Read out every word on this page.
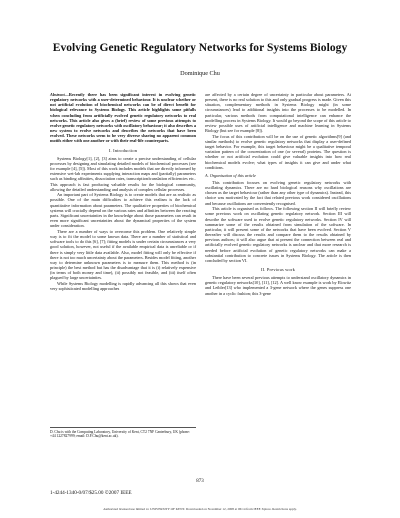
Evolving Genetic Regulatory Networks for Systems Biology
Dominique Chu

Abstract—Recently there has been significant interest in evolving genetic regulatory networks with a user-determined behaviour. It is unclear whether or not artificial evolution of biochemical networks can be of direct benefit for biological relevance to Systems Biology. This article highlights some pitfalls when concluding from artificially evolved genetic regulatory networks to real networks. This article also gives a (brief) review of some previous attempts to evolve genetic regulatory networks with oscillatory behaviour; it also describes a new system to evolve networks and describes the networks that have been evolved. These networks seem to be very diverse sharing no apparent common motifs either with one another or with their real-life counterparts.

I. Introduction

Systems Biology[1], [2], [3] aims to create a precise understanding of cellular processes by designing and simulating detailed models of biochemical processes (see for example [4], [5]). Most of this work includes models that are directly informed by extensive wet-lab experiments supplying interaction maps and (partially) parameters such as binding affinities, dissociation rates, transcription/translation efficiencies etc.. This approach is fast producing valuable results for the biological community, allowing the detailed understanding and analysis of complex cellular processes.

An important part of Systems Biology is to create models that are as realistic as possible. One of the main difficulties to achieve this realism is the lack of quantitative information about parameters. The qualitative properties of biochemical systems will crucially depend on the various rates and affinities between the reacting parts. Significant uncertainties in the knowledge about those parameters can result in even more significant uncertainties about the dynamical properties of the system under consideration.

There are a number of ways to overcome this problem. One relatively simple way is to fit the model to some known data. There are a number of statistical and software tools to do this [6], [7]; fitting models is under certain circumstances a very good solution, however, not useful if the available empirical data is unreliable or if there is simply very little data available. Also, model fitting will only be effective if there is not too much uncertainty about the parameters. Besides model fitting, another way to determine unknown parameters is to measure them. This method is (in principle) the best method but has the disadvantage that it is (i) relatively expensive (in terms of both money and time), (ii) possibly not feasible, and (iii) itself often plagued by large uncertainties.

While Systems Biology modelling is rapidly advancing all this shows that even very sophisticated modelling approaches

are affected by a certain degree of uncertainty in particular about parameters. At present, there is no real solution to this and only gradual progress is made. Given this situation, complementary methods in Systems Biology might (in some circumstances) lead to additional insights into the processes to be modelled. In particular, various methods from computational intelligence can enhance the modelling process in Systems Biology. It would go beyond the scope of this article to review possible uses of artificial intelligence and machine learning in Systems Biology (but see for example [8]).

The focus of this contribution will be on the use of genetic algorithms[9] (and similar methods) to evolve genetic regulatory networks that display a user-defined target behavior. For example, this target behaviour might be a qualitative temporal variation pattern of the concentration of one (or several) proteins. The question is whether or not artificial evolution could give valuable insights into how real biochemical models evolve; what types of insights it can give and under what conditions.

A. Organisation of this article

This contribution focuses on evolving genetic regulatory networks with oscillating dynamics. There are no hard biological reasons why oscillations are chosen as the target behaviour (rather than any other type of dynamics). Instead, this choice was motivated by the fact that related previous work considered oscillations and because oscillations are conveniently recognised.

This article is organised as follows. The following section II will briefly review some previous work on oscillating genetic regulatory network. Section III will describe the software used to evolve genetic regulatory networks. Section IV will summarize some of the results obtained from simulation of the software. In particular, it will present some of the networks that have been evolved. Section V thereafter will discuss the results and compare them to the results obtained by previous authors; it will also argue that at present the connection between real and artificially evolved genetic regulatory networks is unclear and that more research is needed before artificial evolution of genetic regulatory networks can make a substantial contribution to concrete issues in Systems Biology. The article is then concluded by section VI.

II. Previous work

There have been several previous attempts to understand oscillatory dynamics in genetic regulatory networks[10], [11], [12]. A well know example is work by Elowitz and Leibler[13] who implemented a 3-gene network where the genes suppress one another in a cyclic fashion; this 3-gene

D. Chu is with the Computing Laboratory, University of Kent, CT2 7NF Canterbury, UK (phone: +44 1227827999; email: D.F.Chu@kent.ac.uk).
873
1-4244-1340-0/07/$25.00 ©2007 IEEE
Authorized licensed use limited to: UNIVERSITY OF KENT. Downloaded on November 12, 2008 at 06:14 from IEEE Xplore. Restrictions apply.
